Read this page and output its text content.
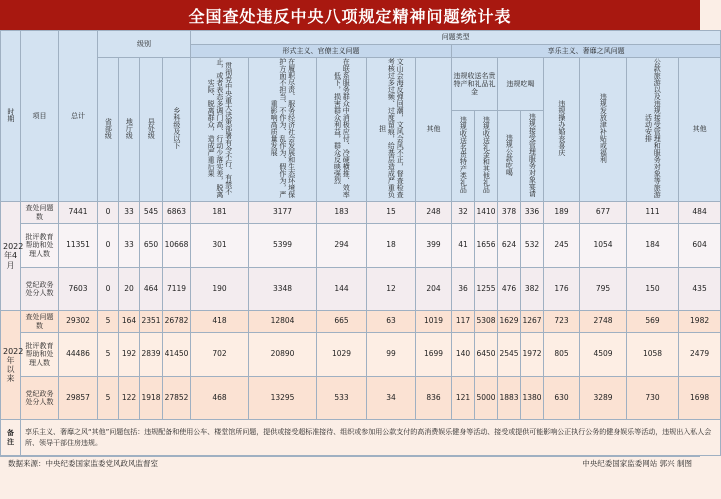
全国查处违反中央八项规定精神问题统计表
时期	项目	总计	级别				问题类型												
							形式主义、官僚主义问题					享乐主义、奢靡之风问题							
			省部级	地厅级	县处级	乡科级及以下	贯彻党中央重大决策部署有令不行、有禁不止，或者表态多调门高、行动少落实差，脱离实际、脱离群众，造成严重后果	在履职尽责、服务经济社会发展和生态环境保护方面不担当、不作为、乱作为、假作为，严重影响高质量发展	在联系服务群众中消极应付、冷硬横推、效率低下，损害群众利益，群众反映强烈	文山会海反弹回潮，文风会风不正，督查检查考核过多过频、过度留痕，给基层造成严重负担	其他	违规收送名贵特产和礼品礼金		违规吃喝		违规操办婚丧喜庆	违规发放津补贴或福利	公款旅游以及违规接受管理和服务对象等旅游活动安排	其他
												违规收送名贵特产类礼品	违规收送礼金和其他礼品	违规公款吃喝	违规接受管理服务对象宴请				
2022年4月	查处问题数	7441	0	33	545	6863	181	3177	183	15	248	32	1410	378	336	189	677	111	484
	批评教育帮助和处理人数	11351	0	33	650	10668	301	5399	294	18	399	41	1656	624	532	245	1054	184	604
	党纪政务处分人数	7603	0	20	464	7119	190	3348	144	12	204	36	1255	476	382	176	795	150	435
2022年以来	查处问题数	29302	5	164	2351	26782	418	12804	665	63	1019	117	5308	1629	1267	723	2748	569	1982
	批评教育帮助和处理人数	44486	5	192	2839	41450	702	20890	1029	99	1699	140	6450	2545	1972	805	4509	1058	2479
	党纪政务处分人数	29857	5	122	1918	27852	468	13295	533	34	836	121	5000	1883	1380	630	3289	730	1698
备注	享乐主义、奢靡之风“其他”问题包括：违规配备和使用公车、楼堂馆所问题，提供或接受超标准接待、组织或参加用公款支付的高消费娱乐健身等活动、接受或提供可能影响公正执行公务的健身娱乐等活动，违规出入私人会所、领导干部住房违规。																		
数据来源：中央纪委国家监委党风政风监督室	中央纪委国家监委网站 郭兴 制图
